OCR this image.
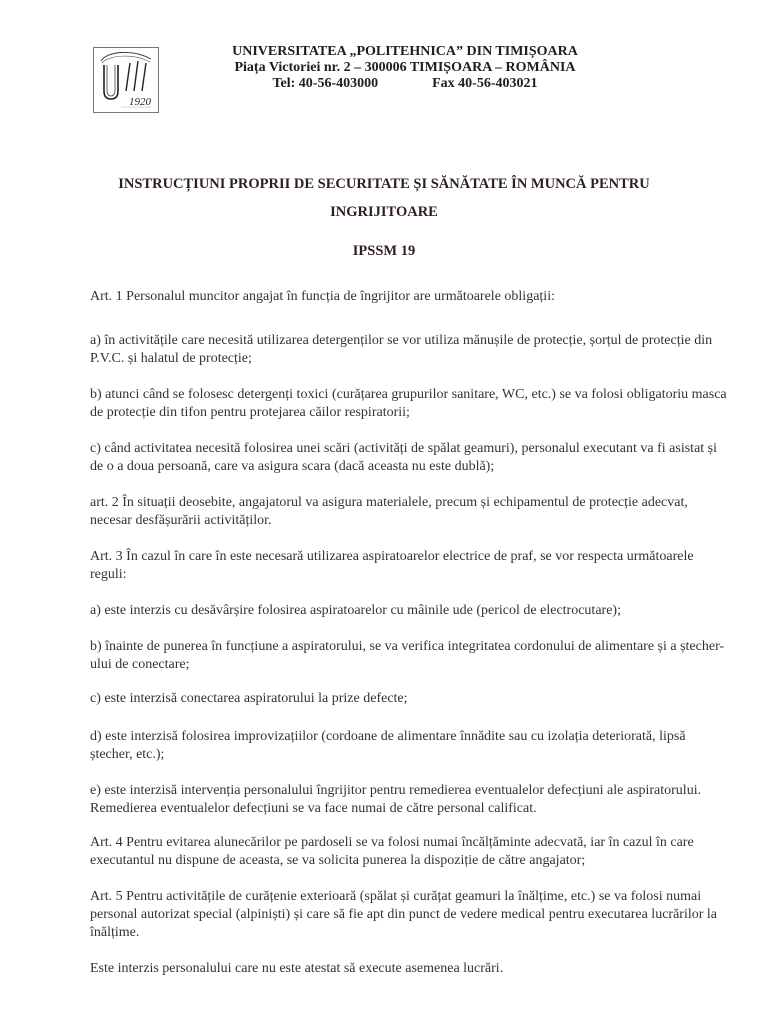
1920
UNIVERSITATEA „POLITEHNICA” DIN TIMIȘOARA
Piața Victoriei nr. 2 – 300006 TIMIȘOARA – ROMÂNIA
Tel: 40-56-403000	Fax 40-56-403021
INSTRUCȚIUNI PROPRII DE SECURITATE ȘI SĂNĂTATE ÎN MUNCĂ PENTRU
INGRIJITOARE
IPSSM 19
Art. 1 Personalul muncitor angajat în funcția de îngrijitor are următoarele obligații:
a) în activitățile care necesită utilizarea detergenților se vor utiliza mănușile de protecție, șorțul de protecție din P.V.C. și halatul de protecție;
b) atunci când se folosesc detergenți toxici (curățarea grupurilor sanitare, WC, etc.) se va folosi obligatoriu masca de protecție din tifon pentru protejarea căilor respiratorii;
c) când activitatea necesită folosirea unei scări (activități de spălat geamuri), personalul executant va fi asistat și de o a doua persoană, care va asigura scara (dacă aceasta nu este dublă);
art. 2 În situații deosebite, angajatorul va asigura materialele, precum și echipamentul de protecție adecvat, necesar desfășurării activităților.
Art. 3 În cazul în care în este necesară utilizarea aspiratoarelor electrice de praf, se vor respecta următoarele reguli:
a) este interzis cu desăvârșire folosirea aspiratoarelor cu mâinile ude (pericol de electrocutare);
b) înainte de punerea în funcțiune a aspiratorului, se va verifica integritatea cordonului de alimentare și a ștecher-ului de conectare;
c) este interzisă conectarea aspiratorului la prize defecte;
d) este interzisă folosirea improvizațiilor (cordoane de alimentare înnădite sau cu izolația deteriorată, lipsă ștecher, etc.);
e) este interzisă intervenția personalului îngrijitor pentru remedierea eventualelor defecțiuni ale aspiratorului. Remedierea eventualelor defecțiuni se va face numai de către personal calificat.
Art. 4 Pentru evitarea alunecărilor pe pardoseli se va folosi numai încălțăminte adecvată, iar în cazul în care executantul nu dispune de aceasta, se va solicita punerea la dispoziție de către angajator;
Art. 5 Pentru activitățile de curățenie exterioară (spălat și curățat geamuri la înălțime, etc.) se va folosi numai personal autorizat special (alpiniști) și care să fie apt din punct de vedere medical pentru executarea lucrărilor la înălțime.
Este interzis personalului care nu este atestat să execute asemenea lucrări.
